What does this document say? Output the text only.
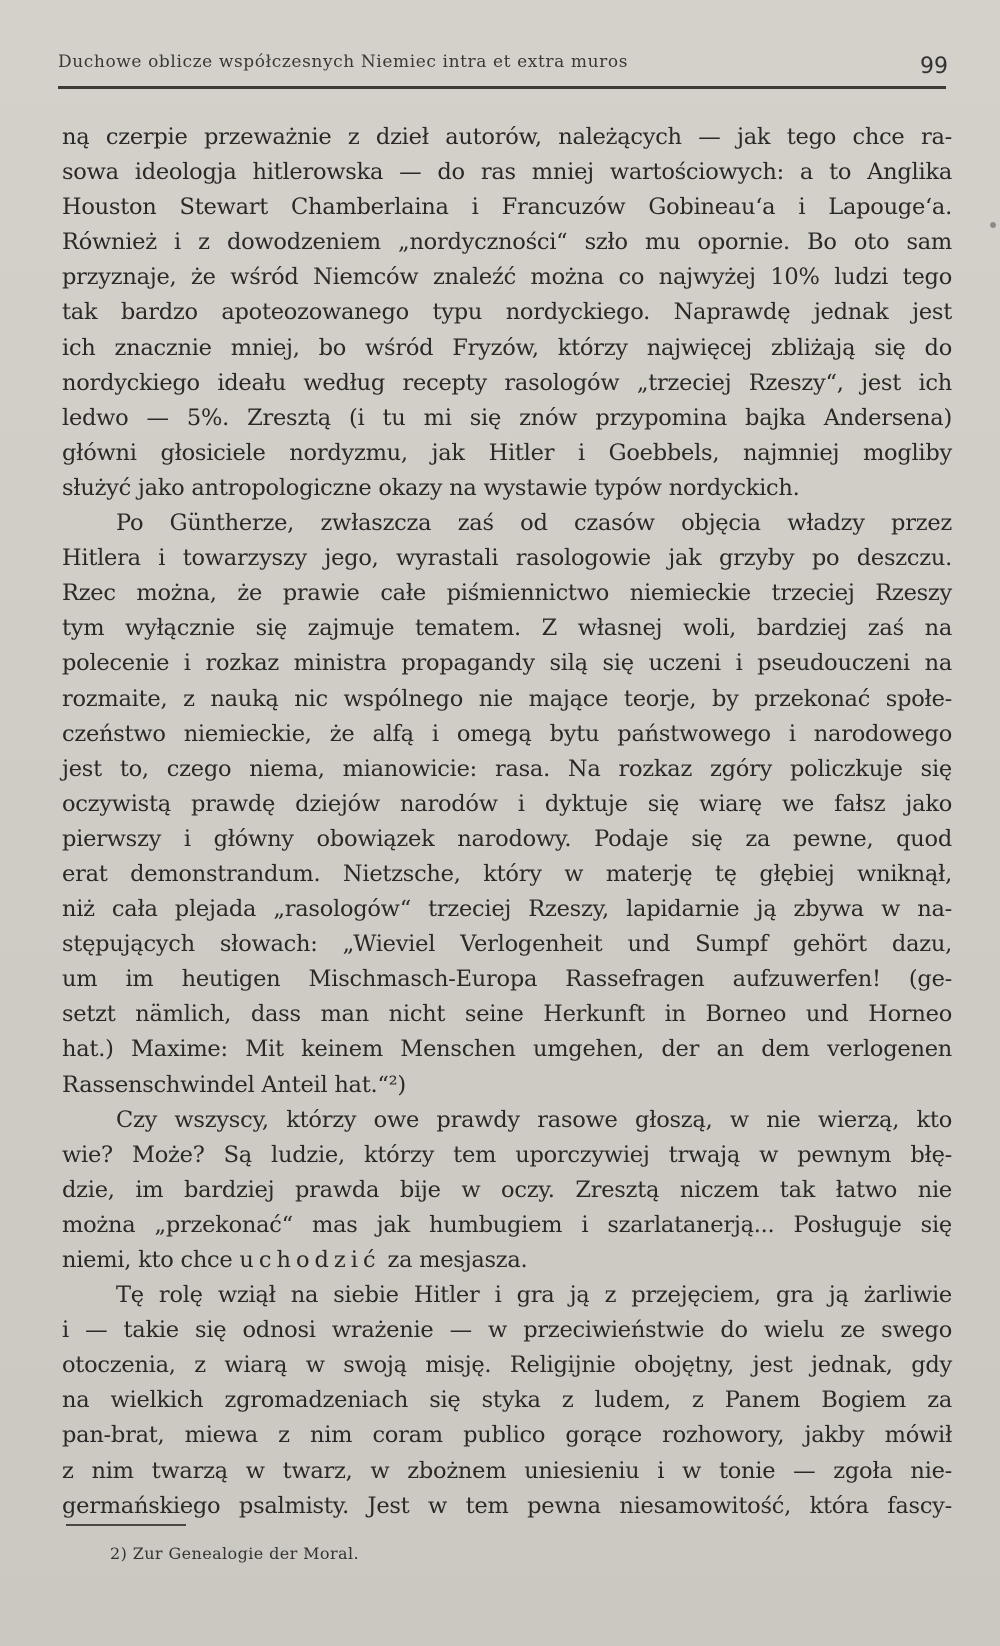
Duchowe oblicze współczesnych Niemiec intra et extra muros	99
ną czerpie przeważnie z dzieł autorów, należących — jak tego chce ra-
sowa ideologja hitlerowska — do ras mniej wartościowych: a to Anglika
Houston Stewart Chamberlaina i Francuzów Gobineau‘a i Lapouge‘a.
Również i z dowodzeniem „nordyczności“ szło mu opornie. Bo oto sam
przyznaje, że wśród Niemców znaleźć można co najwyżej 10% ludzi tego
tak bardzo apoteozowanego typu nordyckiego. Naprawdę jednak jest
ich znacznie mniej, bo wśród Fryzów, którzy najwięcej zbliżają się do
nordyckiego ideału według recepty rasologów „trzeciej Rzeszy“, jest ich
ledwo — 5%. Zresztą (i tu mi się znów przypomina bajka Andersena)
główni głosiciele nordyzmu, jak Hitler i Goebbels, najmniej mogliby
służyć jako antropologiczne okazy na wystawie typów nordyckich.
Po Güntherze, zwłaszcza zaś od czasów objęcia władzy przez
Hitlera i towarzyszy jego, wyrastali rasologowie jak grzyby po deszczu.
Rzec można, że prawie całe piśmiennictwo niemieckie trzeciej Rzeszy
tym wyłącznie się zajmuje tematem. Z własnej woli, bardziej zaś na
polecenie i rozkaz ministra propagandy silą się uczeni i pseudouczeni na
rozmaite, z nauką nic wspólnego nie mające teorje, by przekonać społe-
czeństwo niemieckie, że alfą i omegą bytu państwowego i narodowego
jest to, czego niema, mianowicie: rasa. Na rozkaz zgóry policzkuje się
oczywistą prawdę dziejów narodów i dyktuje się wiarę we fałsz jako
pierwszy i główny obowiązek narodowy. Podaje się za pewne, quod
erat demonstrandum. Nietzsche, który w materję tę głębiej wniknął,
niż cała plejada „rasologów“ trzeciej Rzeszy, lapidarnie ją zbywa w na-
stępujących słowach: „Wieviel Verlogenheit und Sumpf gehört dazu,
um im heutigen Mischmasch-Europa Rassefragen aufzuwerfen! (ge-
setzt nämlich, dass man nicht seine Herkunft in Borneo und Horneo
hat.) Maxime: Mit keinem Menschen umgehen, der an dem verlogenen
Rassenschwindel Anteil hat.“²)
Czy wszyscy, którzy owe prawdy rasowe głoszą, w nie wierzą, kto
wie? Może? Są ludzie, którzy tem uporczywiej trwają w pewnym błę-
dzie, im bardziej prawda bije w oczy. Zresztą niczem tak łatwo nie
można „przekonać“ mas jak humbugiem i szarlatanerją... Posługuje się
niemi, kto chce uchodzić za mesjasza.
Tę rolę wziął na siebie Hitler i gra ją z przejęciem, gra ją żarliwie
i — takie się odnosi wrażenie — w przeciwieństwie do wielu ze swego
otoczenia, z wiarą w swoją misję. Religijnie obojętny, jest jednak, gdy
na wielkich zgromadzeniach się styka z ludem, z Panem Bogiem za
pan-brat, miewa z nim coram publico gorące rozhowory, jakby mówił
z nim twarzą w twarz, w zbożnem uniesieniu i w tonie — zgoła nie-
germańskiego psalmisty. Jest w tem pewna niesamowitość, która fascy-
2) Zur Genealogie der Moral.
